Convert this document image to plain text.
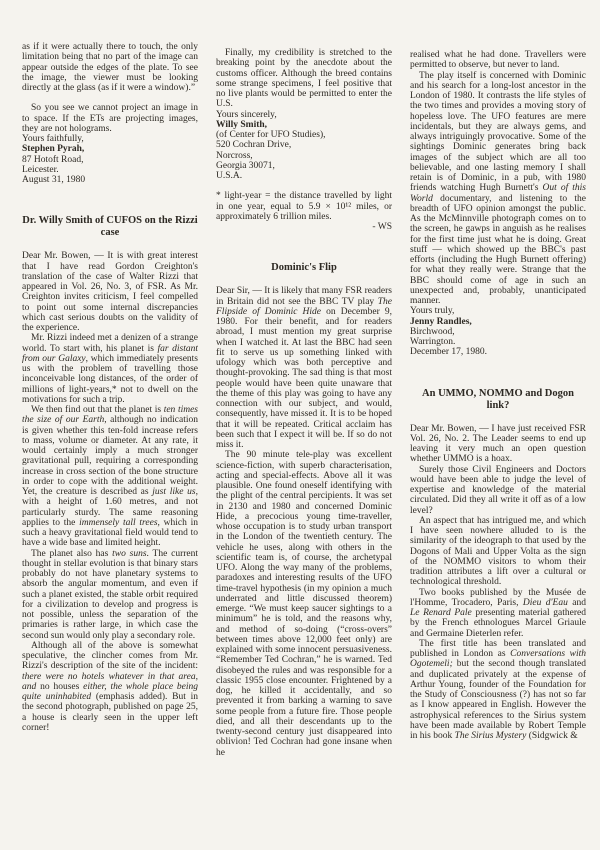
as if it were actually there to touch, the only limitation being that no part of the image can appear outside the edges of the plate. To see the image, the viewer must be looking directly at the glass (as if it were a window).”

So you see we cannot project an image in to space. If the ETs are projecting images, they are not holograms.

Yours faithfully,
Stephen Pyrah,
87 Hotoft Road,
Leicester.
August 31, 1980
Dr. Willy Smith of CUFOS on the Rizzi case

Dear Mr. Bowen, — It is with great interest that I have read Gordon Creighton's translation of the case of Walter Rizzi that appeared in Vol. 26, No. 3, of FSR. As Mr. Creighton invites criticism, I feel compelled to point out some internal discrepancies which cast serious doubts on the validity of the experience.

Mr. Rizzi indeed met a denizen of a strange world. To start with, his planet is far distant from our Galaxy, which immediately presents us with the problem of travelling those inconceivable long distances, of the order of millions of light-years,* not to dwell on the motivations for such a trip.

We then find out that the planet is ten times the size of our Earth, although no indication is given whether this ten-fold increase refers to mass, volume or diameter. At any rate, it would certainly imply a much stronger gravitational pull, requiring a corresponding increase in cross section of the bone structure in order to cope with the additional weight. Yet, the creature is described as just like us, with a height of 1.60 metres, and not particularly sturdy. The same reasoning applies to the immensely tall trees, which in such a heavy gravitational field would tend to have a wide base and limited height.

The planet also has two suns. The current thought in stellar evolution is that binary stars probably do not have planetary systems to absorb the angular momentum, and even if such a planet existed, the stable orbit required for a civilization to develop and progress is not possible, unless the separation of the primaries is rather large, in which case the second sun would only play a secondary role.

Although all of the above is somewhat speculative, the clincher comes from Mr. Rizzi's description of the site of the incident: there were no hotels whatever in that area, and no houses either, the whole place being quite uninhabited (emphasis added). But in the second photograph, published on page 25, a house is clearly seen in the upper left corner!

Finally, my credibility is stretched to the breaking point by the anecdote about the customs officer. Although the breed contains some strange specimens, I feel positive that no live plants would be permitted to enter the U.S.

Yours sincerely,
Willy Smith,
(of Center for UFO Studies),
520 Cochran Drive,
Norcross,
Georgia 30071,
U.S.A.

* light-year = the distance travelled by light in one year, equal to 5.9 × 10¹² miles, or approximately 6 trillion miles.

- WS
Dominic's Flip

Dear Sir, — It is likely that many FSR readers in Britain did not see the BBC TV play The Flipside of Dominic Hide on December 9, 1980. For their benefit, and for readers abroad, I must mention my great surprise when I watched it. At last the BBC had seen fit to serve us up something linked with ufology which was both perceptive and thought-provoking. The sad thing is that most people would have been quite unaware that the theme of this play was going to have any connection with our subject, and would, consequently, have missed it. It is to be hoped that it will be repeated. Critical acclaim has been such that I expect it will be. If so do not miss it.

The 90 minute tele-play was excellent science-fiction, with superb characterisation, acting and special-effects. Above all it was plausible. One found oneself identifying with the plight of the central percipients. It was set in 2130 and 1980 and concerned Dominic Hide, a precocious young time-traveller, whose occupation is to study urban transport in the London of the twentieth century. The vehicle he uses, along with others in the scientific team is, of course, the archetypal UFO. Along the way many of the problems, paradoxes and interesting results of the UFO time-travel hypothesis (in my opinion a much underrated and little discussed theorem) emerge. “We must keep saucer sightings to a minimum” he is told, and the reasons why, and method of so-doing (“cross-overs” between times above 12,000 feet only) are explained with some innocent persuasiveness. “Remember Ted Cochran,” he is warned. Ted disobeyed the rules and was responsible for a classic 1955 close encounter. Frightened by a dog, he killed it accidentally, and so prevented it from barking a warning to save some people from a future fire. Those people died, and all their descendants up to the twenty-second century just disappeared into oblivion! Ted Cochran had gone insane when he

realised what he had done. Travellers were permitted to observe, but never to land.

The play itself is concerned with Dominic and his search for a long-lost ancestor in the London of 1980. It contrasts the life styles of the two times and provides a moving story of hopeless love. The UFO features are mere incidentals, but they are always gems, and always intriguingly provocative. Some of the sightings Dominic generates bring back images of the subject which are all too believable, and one lasting memory I shall retain is of Dominic, in a pub, with 1980 friends watching Hugh Burnett's Out of this World documentary, and listening to the breadth of UFO opinion amongst the public. As the McMinnville photograph comes on to the screen, he gawps in anguish as he realises for the first time just what he is doing. Great stuff — which showed up the BBC's past efforts (including the Hugh Burnett offering) for what they really were. Strange that the BBC should come of age in such an unexpected and, probably, unanticipated manner.

Yours truly,
Jenny Randles,
Birchwood,
Warrington.
December 17, 1980.
An UMMO, NOMMO and Dogon link?

Dear Mr. Bowen, — I have just received FSR Vol. 26, No. 2. The Leader seems to end up leaving it very much an open question whether UMMO is a hoax.

Surely those Civil Engineers and Doctors would have been able to judge the level of expertise and knowledge of the material circulated. Did they all write it off as of a low level?

An aspect that has intrigued me, and which I have seen nowhere alluded to is the similarity of the ideograph to that used by the Dogons of Mali and Upper Volta as the sign of the NOMMO visitors to whom their tradition attributes a lift over a cultural or technological threshold.

Two books published by the Musée de l'Homme, Trocadero, Paris, Dieu d'Eau and Le Renard Pale presenting material gathered by the French ethnologues Marcel Griaule and Germaine Dieterlen refer.

The first title has been translated and published in London as Conversations with Ogotemeli; but the second though translated and duplicated privately at the expense of Arthur Young, founder of the Foundation for the Study of Consciousness (?) has not so far as I know appeared in English. However the astrophysical references to the Sirius system have been made available by Robert Temple in his book The Sirius Mystery (Sidgwick &
